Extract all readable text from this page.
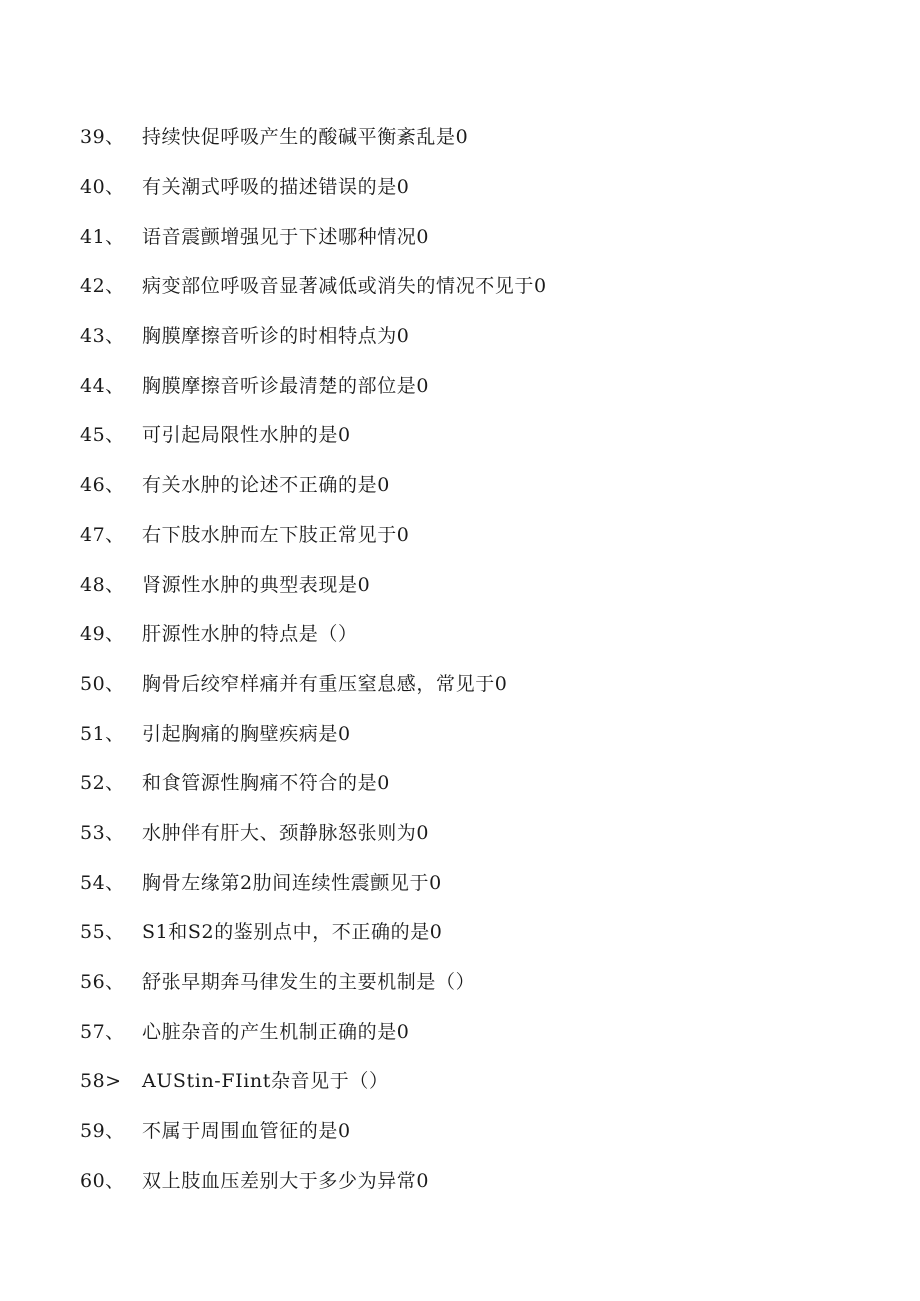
39、 持续快促呼吸产生的酸碱平衡紊乱是0
40、 有关潮式呼吸的描述错误的是0
41、 语音震颤增强见于下述哪种情况0
42、 病变部位呼吸音显著减低或消失的情况不见于0
43、 胸膜摩擦音听诊的时相特点为0
44、 胸膜摩擦音听诊最清楚的部位是0
45、 可引起局限性水肿的是0
46、 有关水肿的论述不正确的是0
47、 右下肢水肿而左下肢正常见于0
48、 肾源性水肿的典型表现是0
49、 肝源性水肿的特点是（）
50、 胸骨后绞窄样痛并有重压窒息感，常见于0
51、 引起胸痛的胸壁疾病是0
52、 和食管源性胸痛不符合的是0
53、 水肿伴有肝大、颈静脉怒张则为0
54、 胸骨左缘第2肋间连续性震颤见于0
55、 S1和S2的鉴别点中，不正确的是0
56、 舒张早期奔马律发生的主要机制是（）
57、 心脏杂音的产生机制正确的是0
58>	AUStin-FIint杂音见于（）
59、 不属于周围血管征的是0
60、 双上肢血压差别大于多少为异常0
